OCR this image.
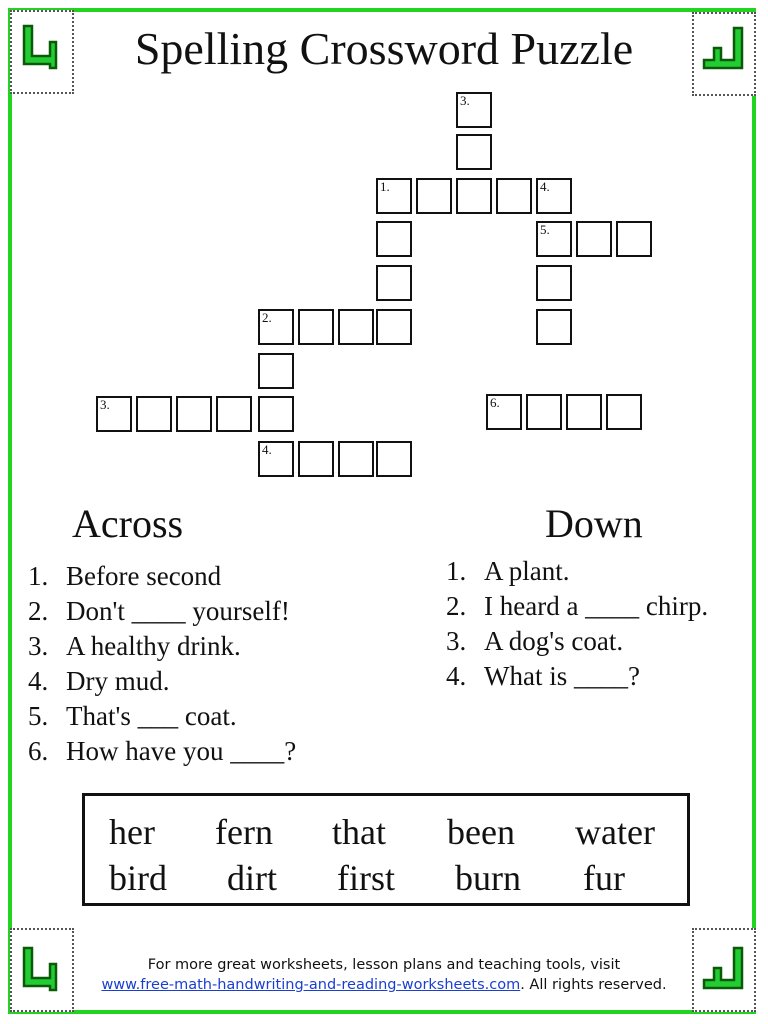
Spelling Crossword Puzzle
3.
1.	4.
5.
2.
3.	6.
4.
Across	Down
1. Before second
2. Don't ____ yourself!
3. A healthy drink.
4. Dry mud.
5. That's ___ coat.
6. How have you ____?
1. A plant.
2. I heard a ____ chirp.
3. A dog's coat.
4. What is ____?
her fern that been water
bird dirt first burn fur
For more great worksheets, lesson plans and teaching tools, visit
www.free-math-handwriting-and-reading-worksheets.com. All rights reserved.
